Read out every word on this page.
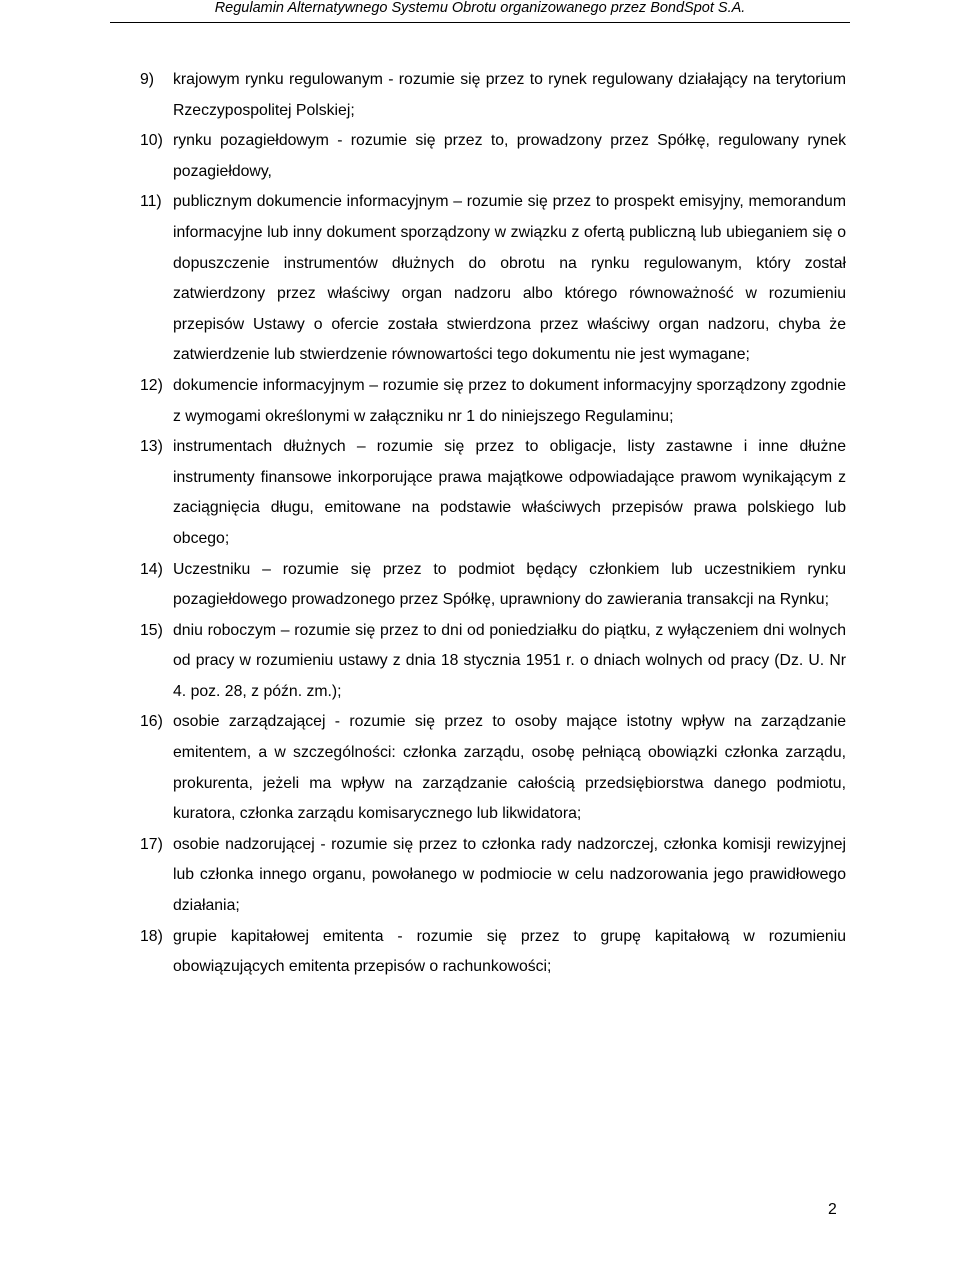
Regulamin Alternatywnego Systemu Obrotu organizowanego przez BondSpot S.A.
9)	krajowym rynku regulowanym - rozumie się przez to rynek regulowany działający na terytorium Rzeczypospolitej Polskiej;
10) rynku pozagiełdowym - rozumie się przez to, prowadzony przez Spółkę, regulowany rynek pozagiełdowy,
11) publicznym dokumencie informacyjnym – rozumie się przez to prospekt emisyjny, memorandum informacyjne lub inny dokument sporządzony w związku z ofertą publiczną lub ubieganiem się o dopuszczenie instrumentów dłużnych do obrotu na rynku regulowanym, który został zatwierdzony przez właściwy organ nadzoru albo którego równoważność w rozumieniu przepisów Ustawy o ofercie została stwierdzona przez właściwy organ nadzoru, chyba że zatwierdzenie lub stwierdzenie równowartości tego dokumentu nie jest wymagane;
12) dokumencie informacyjnym – rozumie się przez to dokument informacyjny sporządzony zgodnie z wymogami określonymi w załączniku nr 1 do niniejszego Regulaminu;
13) instrumentach dłużnych – rozumie się przez to obligacje, listy zastawne i inne dłużne instrumenty finansowe inkorporujące prawa majątkowe odpowiadające prawom wynikającym z zaciągnięcia długu, emitowane na podstawie właściwych przepisów prawa polskiego lub obcego;
14) Uczestniku – rozumie się przez to podmiot będący członkiem lub uczestnikiem rynku pozagiełdowego prowadzonego przez Spółkę, uprawniony do zawierania transakcji na Rynku;
15) dniu roboczym – rozumie się przez to dni od poniedziałku do piątku, z wyłączeniem dni wolnych od pracy w rozumieniu ustawy z dnia 18 stycznia 1951 r. o dniach wolnych od pracy (Dz. U. Nr 4. poz. 28, z późn. zm.);
16) osobie zarządzającej - rozumie się przez to osoby mające istotny wpływ na zarządzanie emitentem, a w szczególności: członka zarządu, osobę pełniącą obowiązki członka zarządu, prokurenta, jeżeli ma wpływ na zarządzanie całością przedsiębiorstwa danego podmiotu, kuratora, członka zarządu komisarycznego lub likwidatora;
17) osobie nadzorującej - rozumie się przez to członka rady nadzorczej, członka komisji rewizyjnej lub członka innego organu, powołanego w podmiocie w celu nadzorowania jego prawidłowego działania;
18) grupie kapitałowej emitenta - rozumie się przez to grupę kapitałową w rozumieniu obowiązujących emitenta przepisów o rachunkowości;
2
